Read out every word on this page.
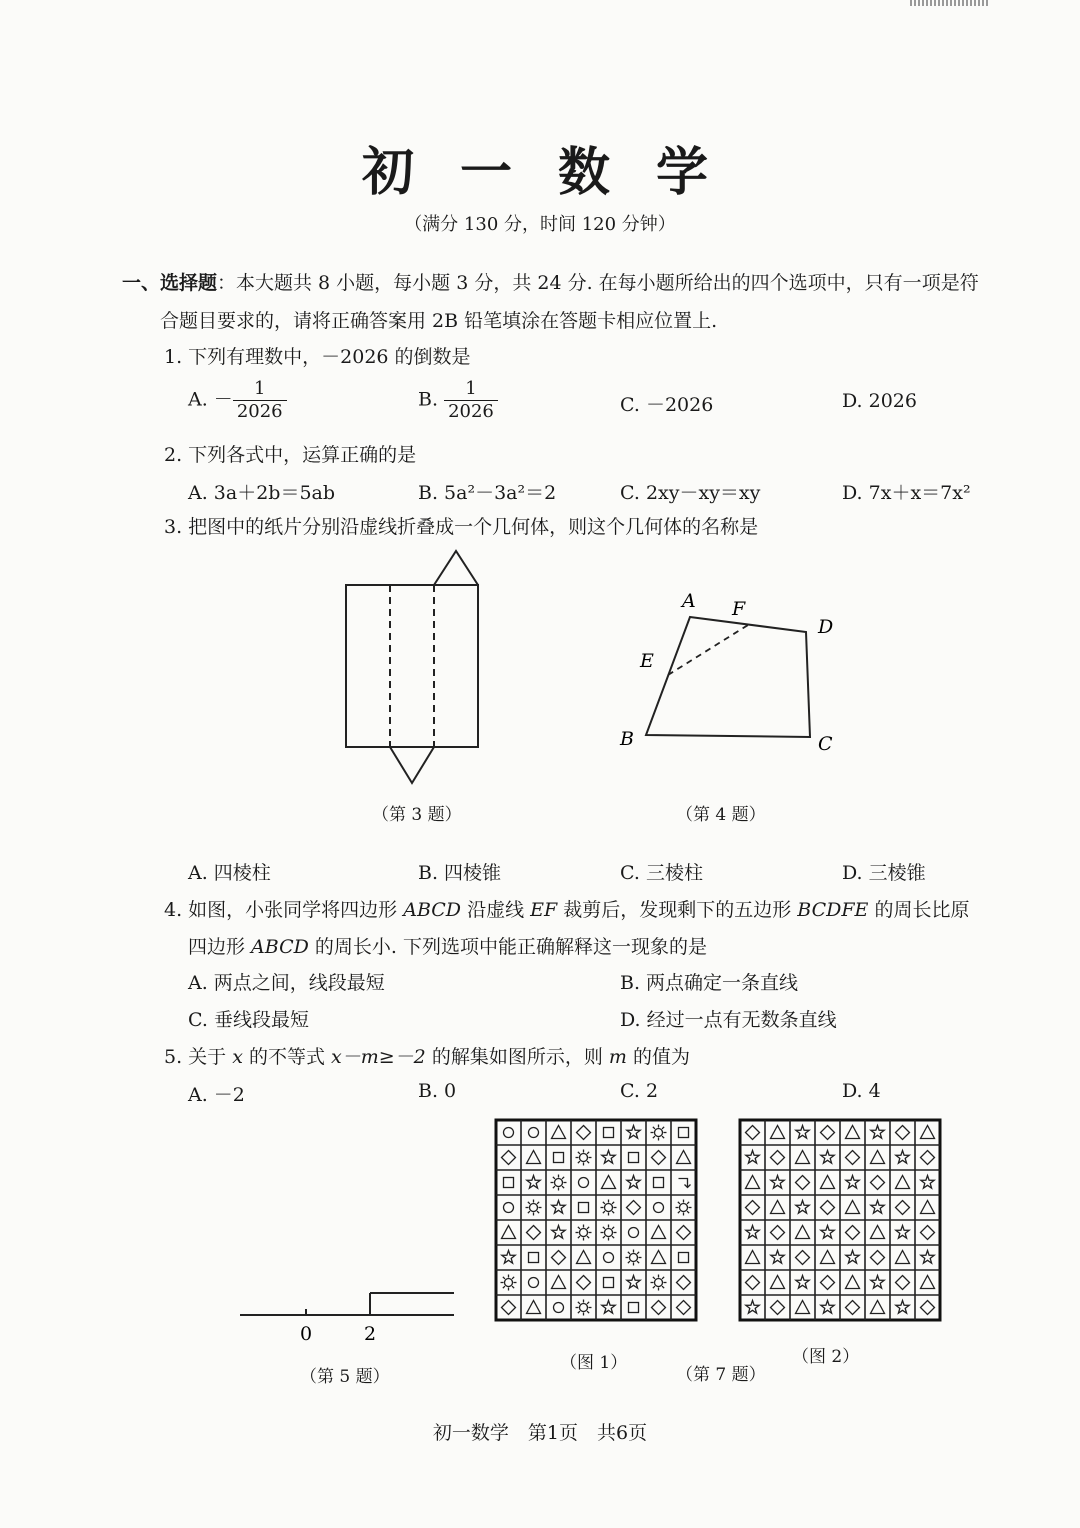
初 一 数 学
（满分 130 分，时间 120 分钟）
一、选择题：本大题共 8 小题，每小题 3 分，共 24 分. 在每小题所给出的四个选项中，只有一项是符
合题目要求的，请将正确答案用 2B 铅笔填涂在答题卡相应位置上.
1. 下列有理数中，－2026 的倒数是
A. － $\frac{1}{2026}$	B. $\frac{1}{2026}$	C. －2026	D. 2026
2. 下列各式中，运算正确的是
A. 3a＋2b＝5ab	B. 5a²－3a²＝2	C. 2xy－xy＝xy	D. 7x＋x＝7x²
3. 把图中的纸片分别沿虚线折叠成一个几何体，则这个几何体的名称是
（第 3 题）
A F
D
E
B	C
（第 4 题）
A. 四棱柱	B. 四棱锥	C. 三棱柱	D. 三棱锥
4. 如图，小张同学将四边形 ABCD 沿虚线 EF 裁剪后，发现剩下的五边形 BCDFE 的周长比原
四边形 ABCD 的周长小. 下列选项中能正确解释这一现象的是
A. 两点之间，线段最短	B. 两点确定一条直线
C. 垂线段最短	D. 经过一点有无数条直线
5. 关于 x 的不等式 x－m≥－2 的解集如图所示，则 m 的值为
A. －2	B. 0	C. 2	D. 4
0	2
（第 5 题）
（图 1）	（图 2）
（第 7 题）
初一数学　第1页　共6页
